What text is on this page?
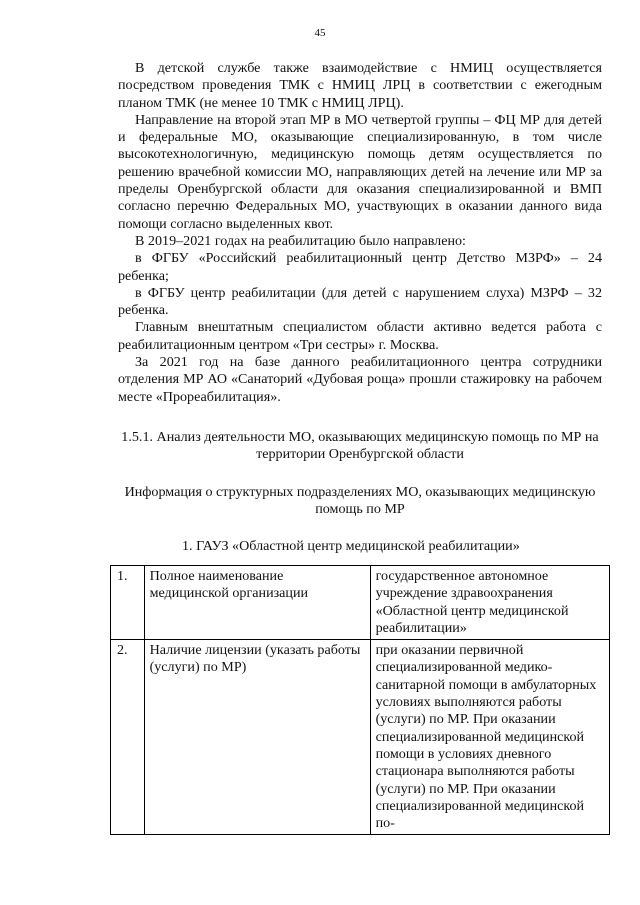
45

В детской службе также взаимодействие с НМИЦ осуществляется посредством проведения ТМК с НМИЦ ЛРЦ в соответствии с ежегодным планом ТМК (не менее 10 ТМК с НМИЦ ЛРЦ).

Направление на второй этап МР в МО четвертой группы – ФЦ МР для детей и федеральные МО, оказывающие специализированную, в том числе высокотехнологичную, медицинскую помощь детям осуществляется по решению врачебной комиссии МО, направляющих детей на лечение или МР за пределы Оренбургской области для оказания специализированной и ВМП согласно перечню Федеральных МО, участвующих в оказании данного вида помощи согласно выделенных квот.

В 2019–2021 годах на реабилитацию было направлено:

в ФГБУ «Российский реабилитационный центр Детство МЗРФ» – 24 ребенка;

в ФГБУ центр реабилитации (для детей с нарушением слуха) МЗРФ – 32 ребенка.

Главным внештатным специалистом области активно ведется работа с реабилитационным центром «Три сестры» г. Москва.

За 2021 год на базе данного реабилитационного центра сотрудники отделения МР АО «Санаторий «Дубовая роща» прошли стажировку на рабочем месте «Прореабилитация».

1.5.1. Анализ деятельности МО, оказывающих медицинскую помощь по МР на территории Оренбургской области
Информация о структурных подразделениях МО, оказывающих медицинскую помощь по МР
1. ГАУЗ «Областной центр медицинской реабилитации»
1.	Полное наименование медицинской организации	государственное автономное учреждение здравоохранения «Областной центр медицинской реабилитации»
2.	Наличие лицензии (указать работы (услуги) по МР)	при оказании первичной специализированной медико-санитарной помощи в амбулаторных условиях выполняются работы (услуги) по МР. При оказании специализированной медицинской помощи в условиях дневного стационара выполняются работы (услуги) по МР. При оказании специализированной медицинской по-
